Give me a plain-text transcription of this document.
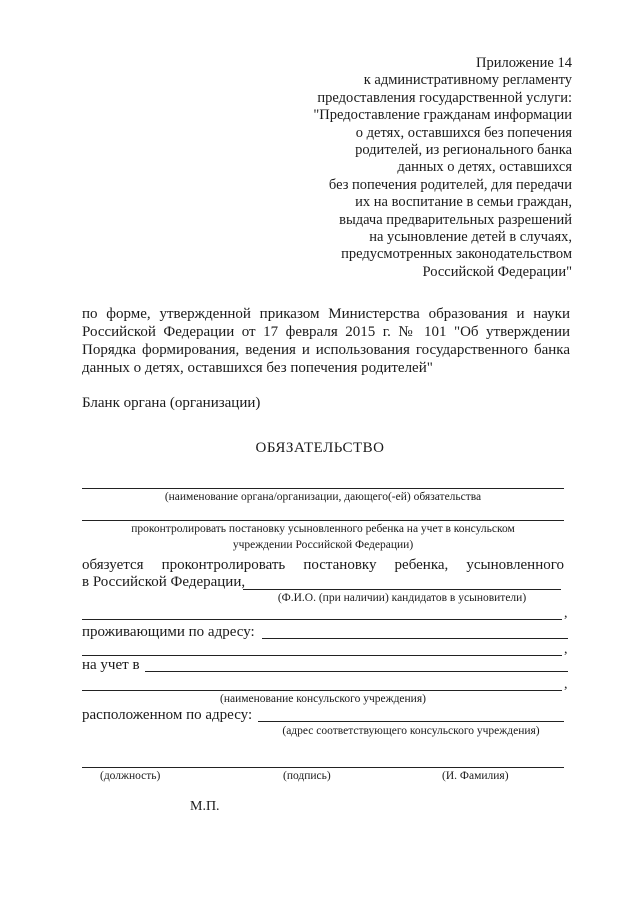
Приложение 14
к административному регламенту
предоставления государственной услуги:
"Предоставление гражданам информации
о детях, оставшихся без попечения
родителей, из регионального банка
данных о детях, оставшихся
без попечения родителей, для передачи
их на воспитание в семьи граждан,
выдача предварительных разрешений
на усыновление детей в случаях,
предусмотренных законодательством
Российской Федерации"
по форме, утвержденной приказом Министерства образования и науки
Российской Федерации от 17 февраля 2015 г. № 101 "Об утверждении
Порядка формирования, ведения и использования государственного банка
данных о детях, оставшихся без попечения родителей"
Бланк органа (организации)
ОБЯЗАТЕЛЬСТВО
(наименование органа/организации, дающего(-ей) обязательства
проконтролировать постановку усыновленного ребенка на учет в консульском
учреждении Российской Федерации)
обязуется проконтролировать постановку ребенка, усыновленного
в Российской Федерации,
(Ф.И.О. (при наличии) кандидатов в усыновители)
,
проживающими по адресу:
,
на учет в
,
(наименование консульского учреждения)
расположенном по адресу:
(адрес соответствующего консульского учреждения)
(должность)	(подпись)	(И. Фамилия)
М.П.
